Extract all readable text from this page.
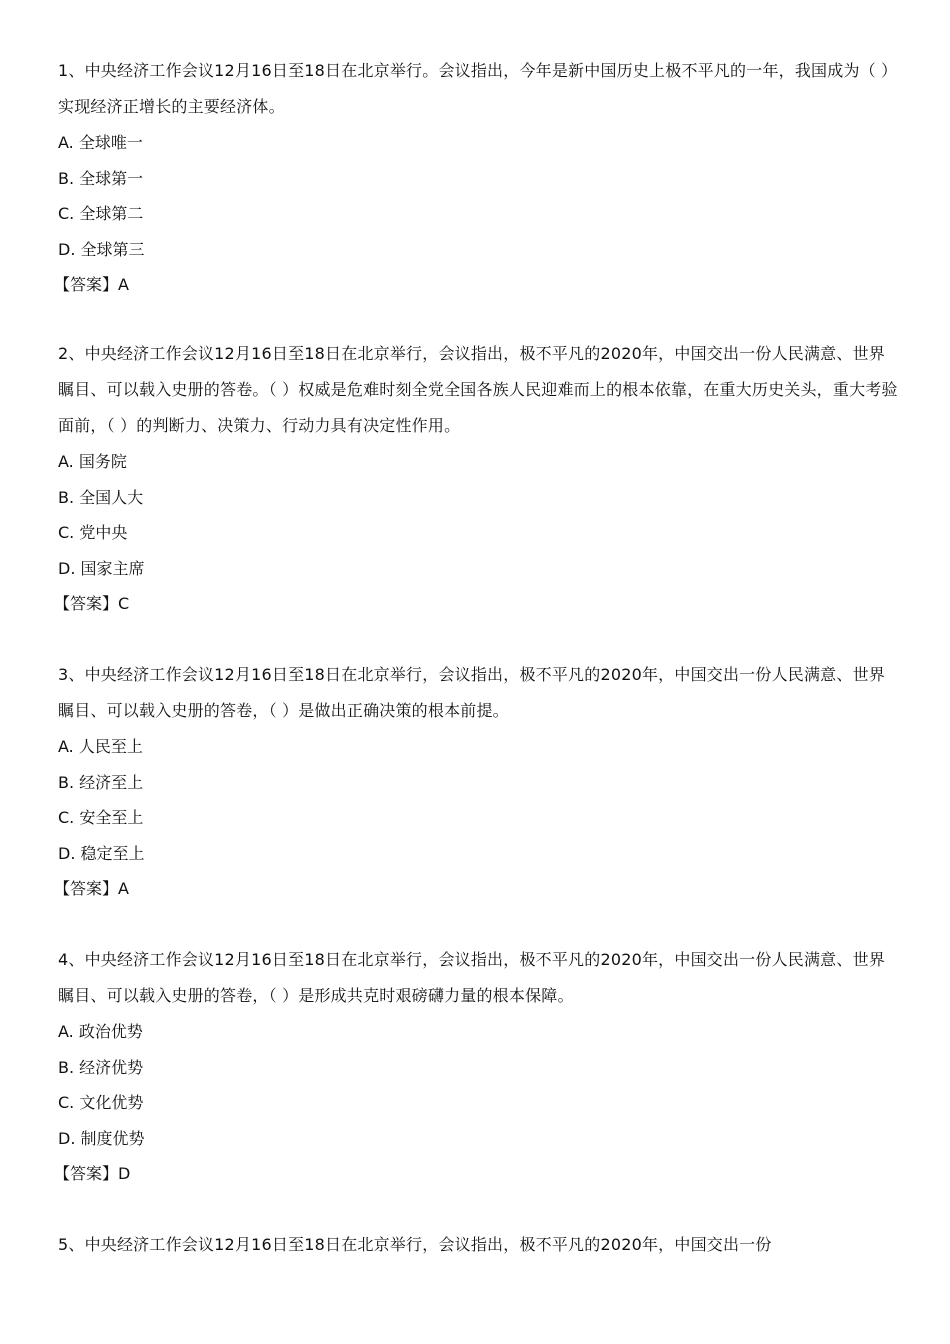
1、中央经济工作会议12月16日至18日在北京举行。会议指出，今年是新中国历史上极不平凡的一年，我国成为（ ）实现经济正增长的主要经济体。

A. 全球唯一
B. 全球第一
C. 全球第二
D. 全球第三
【答案】A

2、中央经济工作会议12月16日至18日在北京举行，会议指出，极不平凡的2020年，中国交出一份人民满意、世界瞩目、可以载入史册的答卷。（ ）权威是危难时刻全党全国各族人民迎难而上的根本依靠，在重大历史关头，重大考验面前，（ ）的判断力、决策力、行动力具有决定性作用。

A. 国务院
B. 全国人大
C. 党中央
D. 国家主席
【答案】C

3、中央经济工作会议12月16日至18日在北京举行，会议指出，极不平凡的2020年，中国交出一份人民满意、世界瞩目、可以载入史册的答卷，（ ）是做出正确决策的根本前提。

A. 人民至上
B. 经济至上
C. 安全至上
D. 稳定至上
【答案】A

4、中央经济工作会议12月16日至18日在北京举行，会议指出，极不平凡的2020年，中国交出一份人民满意、世界瞩目、可以载入史册的答卷，（ ）是形成共克时艰磅礴力量的根本保障。

A. 政治优势
B. 经济优势
C. 文化优势
D. 制度优势
【答案】D

5、中央经济工作会议12月16日至18日在北京举行，会议指出，极不平凡的2020年，中国交出一份
